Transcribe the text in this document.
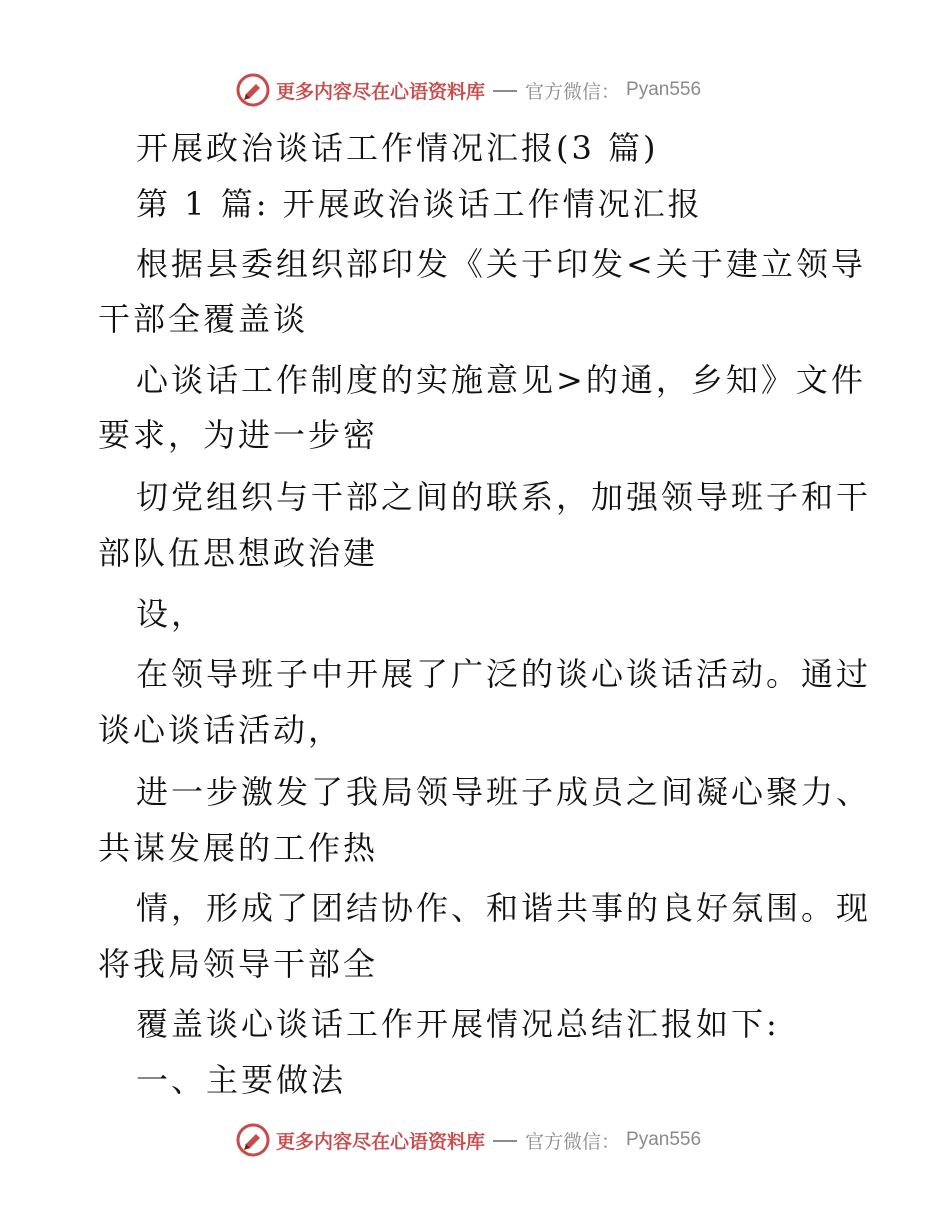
更多内容尽在心语资料库 官方微信： Pyan556
开展政治谈话工作情况汇报(3 篇)
第 1 篇: 开展政治谈话工作情况汇报
根据县委组织部印发《关于印发<关于建立领导
干部全覆盖谈
心谈话工作制度的实施意见>的通，乡知》文件
要求，为进一步密
切党组织与干部之间的联系，加强领导班子和干
部队伍思想政治建
设，
在领导班子中开展了广泛的谈心谈话活动。通过
谈心谈话活动，
进一步激发了我局领导班子成员之间凝心聚力、
共谋发展的工作热
情，形成了团结协作、和谐共事的良好氛围。现
将我局领导干部全
覆盖谈心谈话工作开展情况总结汇报如下:
一、主要做法
更多内容尽在心语资料库 官方微信： Pyan556
